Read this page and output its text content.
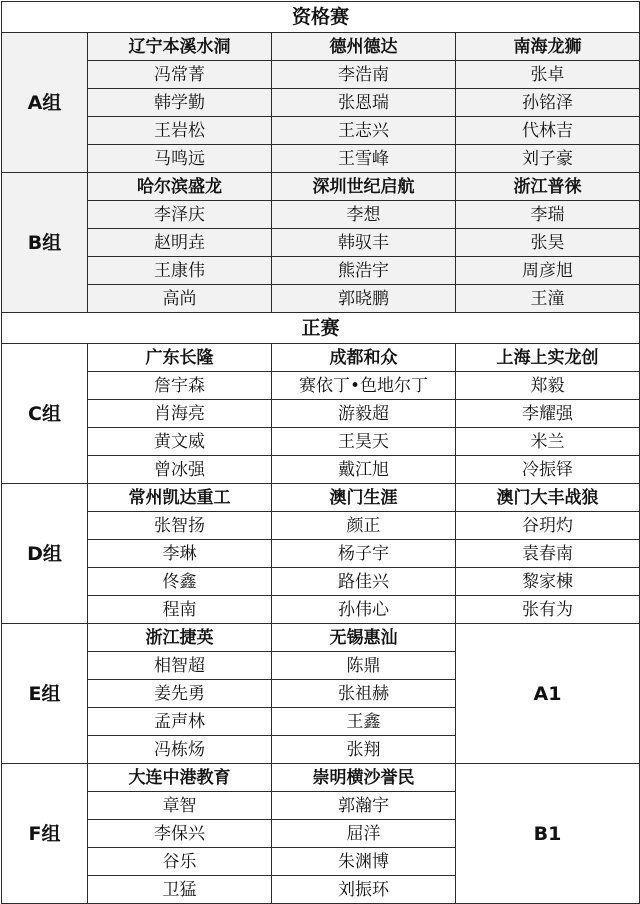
资格赛			
A组	辽宁本溪水洞	德州德达	南海龙狮
	冯常菁	李浩南	张卓
	韩学勤	张恩瑞	孙铭泽
	王岩松	王志兴	代林吉
	马鸣远	王雪峰	刘子豪
B组	哈尔滨盛龙	深圳世纪启航	浙江普徕
	李泽庆	李想	李瑞
	赵明垚	韩驭丰	张昊
	王康伟	熊浩宇	周彦旭
	高尚	郭晓鹏	王潼
正赛			
C组	广东长隆	成都和众	上海上实龙创
	詹宇森	赛依丁•色地尔丁	郑毅
	肖海亮	游毅超	李耀强
	黄文威	王昊天	米兰
	曾冰强	戴江旭	冷振铎
D组	常州凯达重工	澳门生涯	澳门大丰战狼
	张智扬	颜正	谷玥灼
	李琳	杨子宇	袁春南
	佟鑫	路佳兴	黎家棟
	程南	孙伟心	张有为
E组	浙江捷英	无锡惠汕	A1
	相智超	陈鼎	
	姜先勇	张祖赫	
	孟声林	王鑫	
	冯栋炀	张翔	
F组	大连中港教育	崇明横沙誉民	B1
	章智	郭瀚宇	
	李保兴	屈洋	
	谷乐	朱渊博	
	卫猛	刘振环	
